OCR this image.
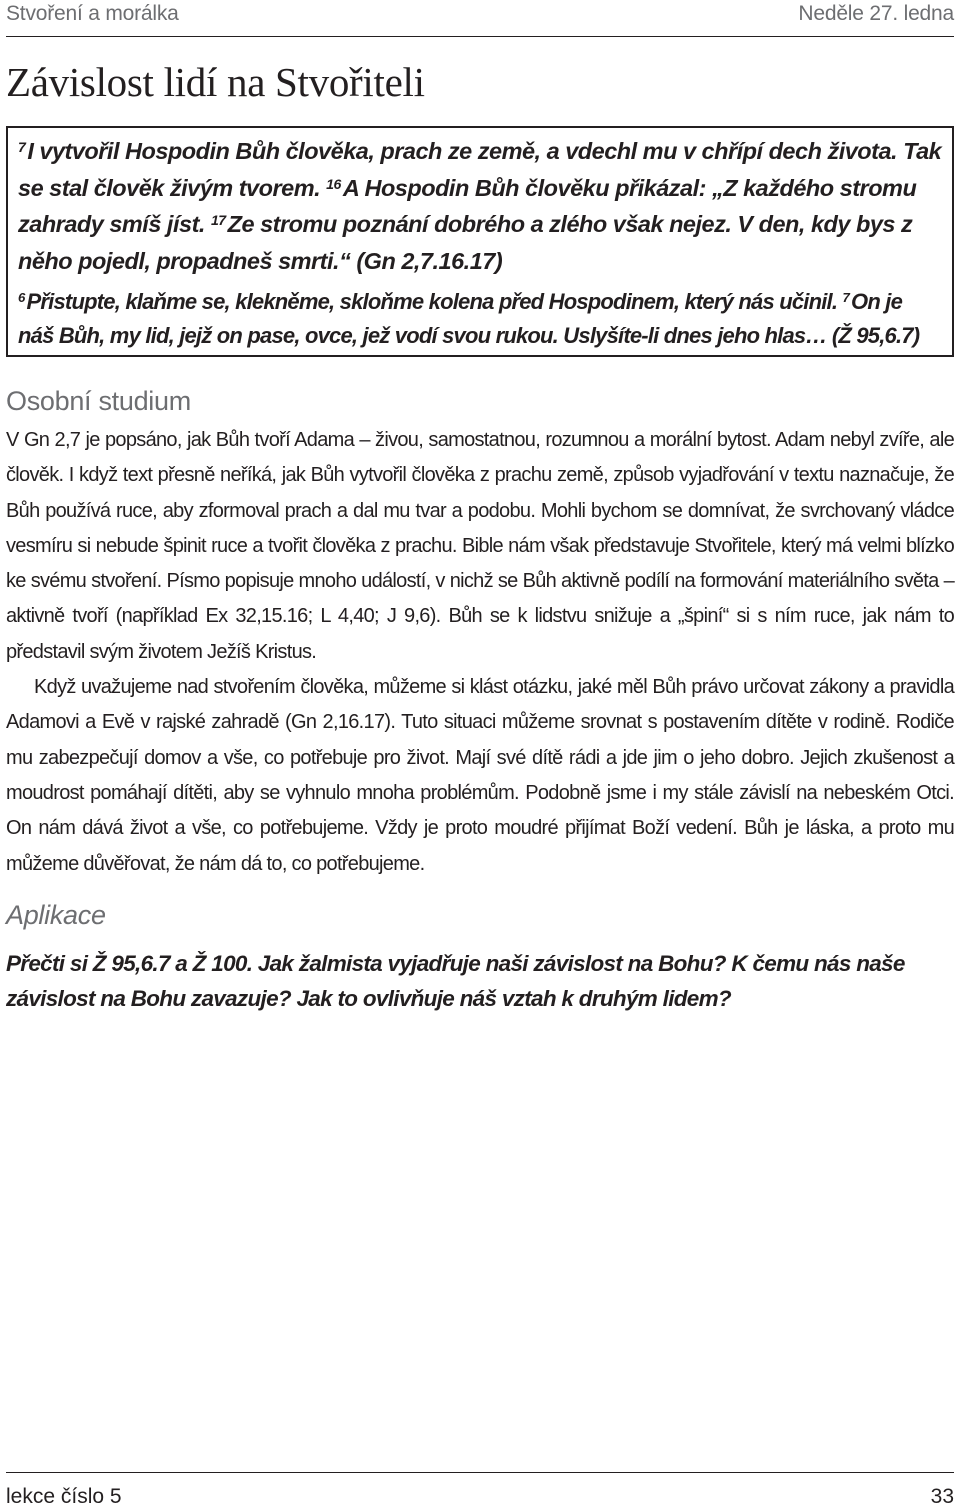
Stvoření a morálka	Neděle 27. ledna
Závislost lidí na Stvořiteli

$^7$I vytvořil Hospodin Bůh člověka, prach ze země, a vdechl mu v chřípí dech života. Tak se stal člověk živým tvorem. $^{16}$A Hospodin Bůh člověku přikázal: „Z každého stromu zahrady smíš jíst. $^{17}$Ze stromu poznání dobrého a zlého však nejez. V den, kdy bys z něho pojedl, propadneš smrti.“ (Gn 2,7.16.17)

$^6$Přistupte, klaňme se, klekněme, skloňme kolena před Hospodinem, který nás učinil. $^7$On je náš Bůh, my lid, jejž on pase, ovce, jež vodí svou rukou. Uslyšíte-li dnes jeho hlas… (Ž 95,6.7)

Osobní studium

V Gn 2,7 je popsáno, jak Bůh tvoří Adama – živou, samostatnou, rozumnou a morální bytost. Adam nebyl zvíře, ale člověk. I když text přesně neříká, jak Bůh vytvořil člověka z prachu země, způsob vyjadřování v textu naznačuje, že Bůh používá ruce, aby zformoval prach a dal mu tvar a podobu. Mohli bychom se domnívat, že svrchovaný vládce vesmíru si nebude špinit ruce a tvořit člověka z prachu. Bible nám však představuje Stvořitele, který má velmi blízko ke svému stvoření. Písmo popisuje mnoho událostí, v nichž se Bůh aktivně podílí na formování materiálního světa – aktivně tvoří (například Ex 32,15.16; L 4,40; J 9,6). Bůh se k lidstvu snižuje a „špiní“ si s ním ruce, jak nám to představil svým životem Ježíš Kristus.

Když uvažujeme nad stvořením člověka, můžeme si klást otázku, jaké měl Bůh právo určovat zákony a pravidla Adamovi a Evě v rajské zahradě (Gn 2,16.17). Tuto situaci můžeme srovnat s postavením dítěte v rodině. Rodiče mu zabezpečují domov a vše, co potřebuje pro život. Mají své dítě rádi a jde jim o jeho dobro. Jejich zkušenost a moudrost pomáhají dítěti, aby se vyhnulo mnoha problémům. Podobně jsme i my stále závislí na nebeském Otci. On nám dává život a vše, co potřebujeme. Vždy je proto moudré přijímat Boží vedení. Bůh je láska, a proto mu můžeme důvěřovat, že nám dá to, co potřebujeme.

Aplikace

Přečti si Ž 95,6.7 a Ž 100. Jak žalmista vyjadřuje naši závislost na Bohu? K čemu nás naše závislost na Bohu zavazuje? Jak to ovlivňuje náš vztah k druhým lidem?

lekce číslo 5	33
